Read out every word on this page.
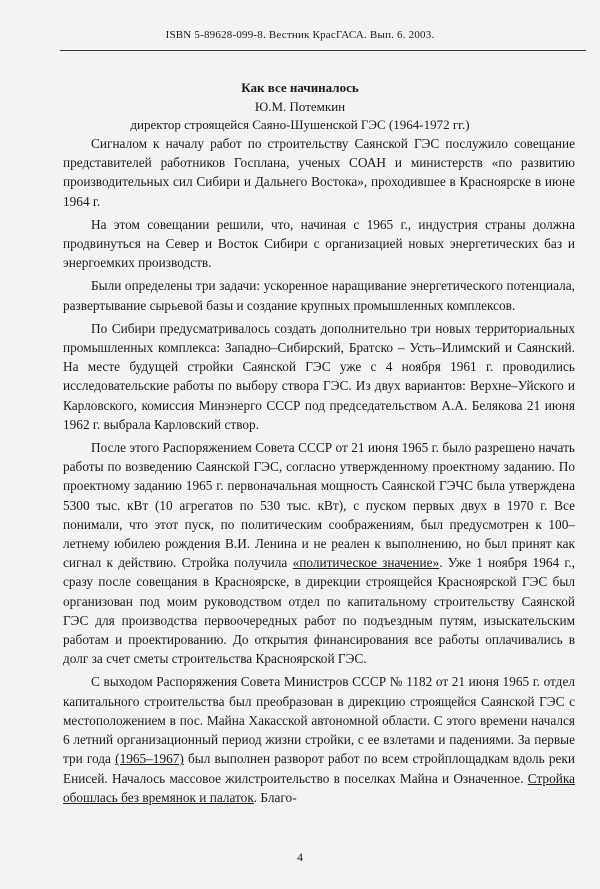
ISBN 5-89628-099-8. Вестник КрасГАСА. Вып. 6. 2003.
Как все начиналось
Ю.М. Потемкин
директор строящейся Саяно-Шушенской ГЭС (1964-1972 гг.)

Сигналом к началу работ по строительству Саянской ГЭС послужило совещание представителей работников Госплана, ученых СОАН и министерств «по развитию производительных сил Сибири и Дальнего Востока», проходившее в Красноярске в июне 1964 г.

На этом совещании решили, что, начиная с 1965 г., индустрия страны должна продвинуться на Север и Восток Сибири с организацией новых энергетических баз и энергоемких производств.

Были определены три задачи: ускоренное наращивание энергетического потенциала, развертывание сырьевой базы и создание крупных промышленных комплексов.

По Сибири предусматривалось создать дополнительно три новых территориальных промышленных комплекса: Западно–Сибирский, Братско – Усть–Илимский и Саянский. На месте будущей стройки Саянской ГЭС уже с 4 ноября 1961 г. проводились исследовательские работы по выбору створа ГЭС. Из двух вариантов: Верхне–Уйского и Карловского, комиссия Минэнерго СССР под председательством А.А. Белякова 21 июня 1962 г. выбрала Карловский створ.

После этого Распоряжением Совета СССР от 21 июня 1965 г. было разрешено начать работы по возведению Саянской ГЭС, согласно утвержденному проектному заданию. По проектному заданию 1965 г. первоначальная мощность Саянской ГЭЧС была утверждена 5300 тыс. кВт (10 агрегатов по 530 тыс. кВт), с пуском первых двух в 1970 г. Все понимали, что этот пуск, по политическим соображениям, был предусмотрен к 100–летнему юбилею рождения В.И. Ленина и не реален к выполнению, но был принят как сигнал к действию. Стройка получила «политическое значение». Уже 1 ноября 1964 г., сразу после совещания в Красноярске, в дирекции строящейся Красноярской ГЭС был организован под моим руководством отдел по капитальному строительству Саянской ГЭС для производства первоочередных работ по подъездным путям, изыскательским работам и проектированию. До открытия финансирования все работы оплачивались в долг за счет сметы строительства Красноярской ГЭС.

С выходом Распоряжения Совета Министров СССР № 1182 от 21 июня 1965 г. отдел капитального строительства был преобразован в дирекцию строящейся Саянской ГЭС с местоположением в пос. Майна Хакасской автономной области. С этого времени начался 6 летний организационный период жизни стройки, с ее взлетами и падениями. За первые три года (1965–1967) был выполнен разворот работ по всем стройплощадкам вдоль реки Енисей. Началось массовое жилстроительство в поселках Майна и Означенное. Стройка обошлась без времянок и палаток. Благо-

4
